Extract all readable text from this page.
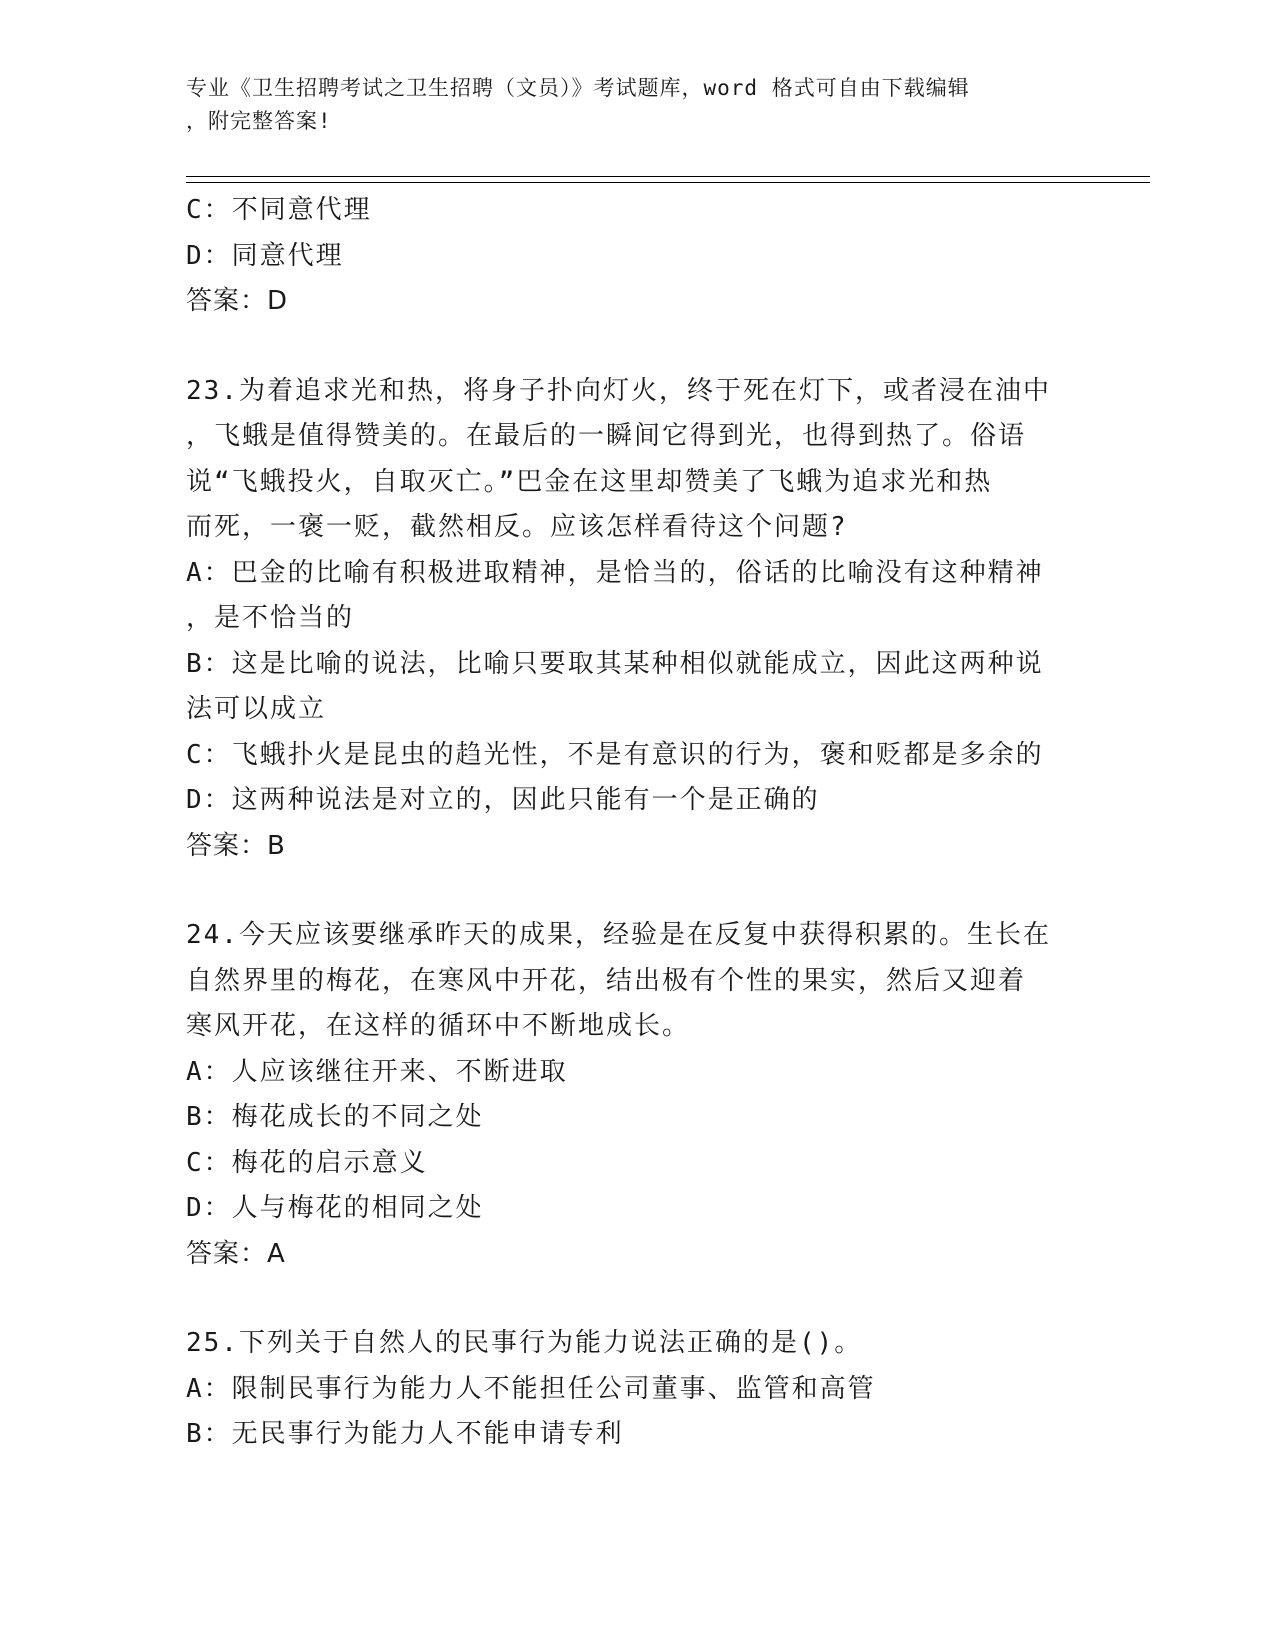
专业《卫生招聘考试之卫生招聘（文员）》考试题库，word 格式可自由下载编辑
，附完整答案!
C：不同意代理
D：同意代理
答案：D
23.为着追求光和热，将身子扑向灯火，终于死在灯下，或者浸在油中
，飞蛾是值得赞美的。在最后的一瞬间它得到光，也得到热了。俗语
说“飞蛾投火，自取灭亡。”巴金在这里却赞美了飞蛾为追求光和热
而死，一褒一贬，截然相反。应该怎样看待这个问题?
A：巴金的比喻有积极进取精神，是恰当的，俗话的比喻没有这种精神
，是不恰当的
B：这是比喻的说法，比喻只要取其某种相似就能成立，因此这两种说
法可以成立
C：飞蛾扑火是昆虫的趋光性，不是有意识的行为，褒和贬都是多余的
D：这两种说法是对立的，因此只能有一个是正确的
答案：B
24.今天应该要继承昨天的成果，经验是在反复中获得积累的。生长在
自然界里的梅花，在寒风中开花，结出极有个性的果实，然后又迎着
寒风开花，在这样的循环中不断地成长。
A：人应该继往开来、不断进取
B：梅花成长的不同之处
C：梅花的启示意义
D：人与梅花的相同之处
答案：A
25.下列关于自然人的民事行为能力说法正确的是()。
A：限制民事行为能力人不能担任公司董事、监管和高管
B：无民事行为能力人不能申请专利
